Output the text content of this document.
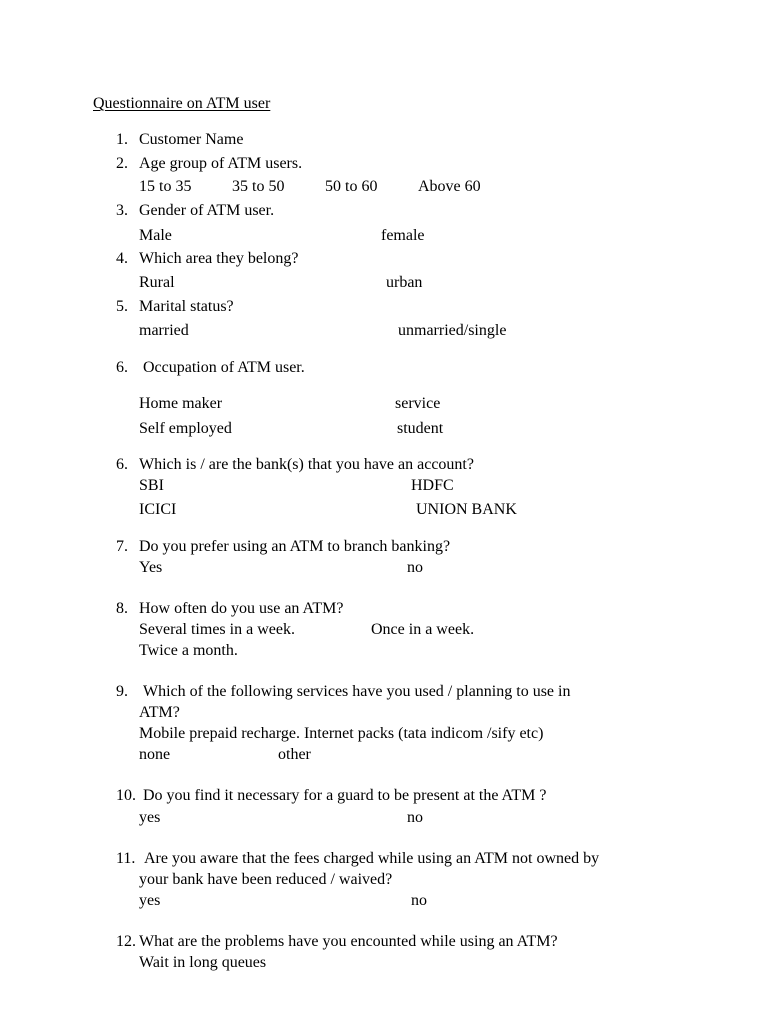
Questionnaire on ATM user
1. Customer Name
2. Age group of ATM users.
15 to 35	35 to 50	50 to 60	Above 60
3. Gender of ATM user.
Male	female
4. Which area they belong?
Rural	urban
5. Marital status?
married	unmarried/single
6. Occupation of ATM user.
Home maker	service
Self employed	student
6. Which is / are the bank(s) that you have an account?
SBI	HDFC
ICICI	UNION BANK
7. Do you prefer using an ATM to branch banking?
Yes	no
8. How often do you use an ATM?
Several times in a week.	Once in a week.
Twice a month.
9. Which of the following services have you used / planning to use in
ATM?
Mobile prepaid recharge. Internet packs (tata indicom /sify etc)
none	other
10. Do you find it necessary for a guard to be present at the ATM ?
yes	no
11. Are you aware that the fees charged while using an ATM not owned by
your bank have been reduced / waived?
yes	no
12. What are the problems have you encounted while using an ATM?
Wait in long queues
